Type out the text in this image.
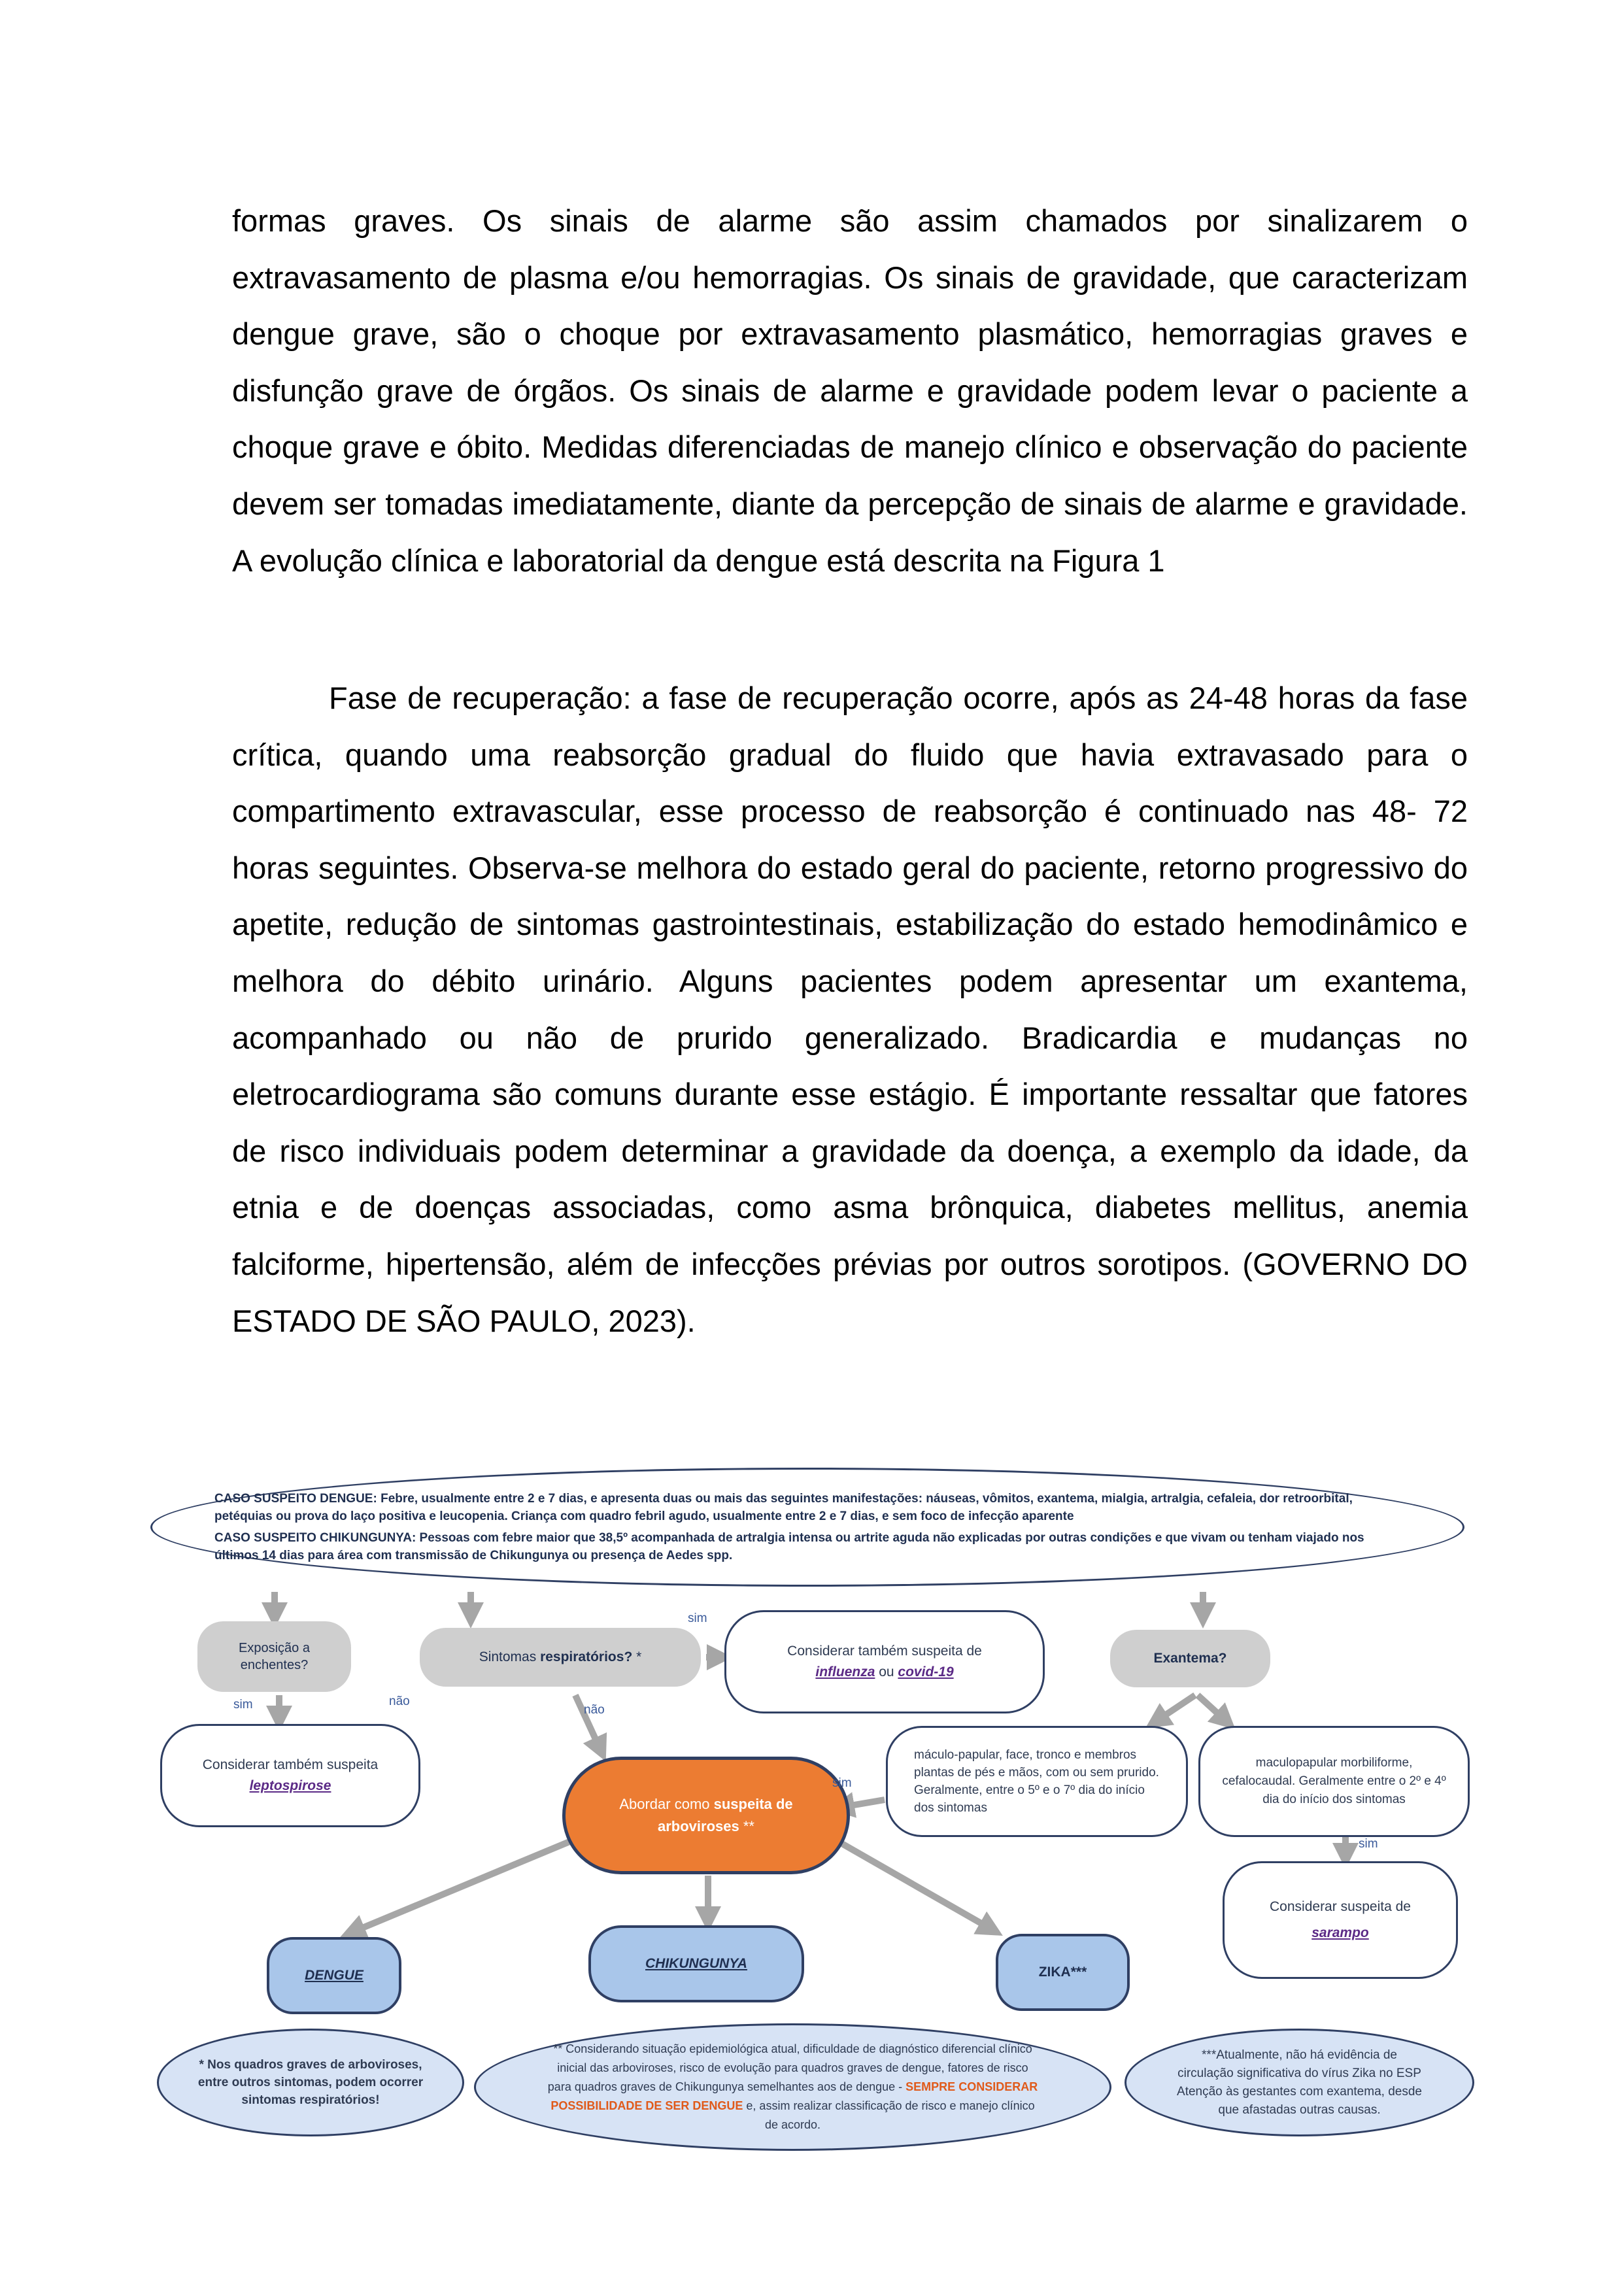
formas graves. Os sinais de alarme são assim chamados por sinalizarem o extravasamento de plasma e/ou hemorragias. Os sinais de gravidade, que caracterizam dengue grave, são o choque por extravasamento plasmático, hemorragias graves e disfunção grave de órgãos. Os sinais de alarme e gravidade podem levar o paciente a choque grave e óbito. Medidas diferenciadas de manejo clínico e observação do paciente devem ser tomadas imediatamente, diante da percepção de sinais de alarme e gravidade. A evolução clínica e laboratorial da dengue está descrita na Figura 1

Fase de recuperação: a fase de recuperação ocorre, após as 24-48 horas da fase crítica, quando uma reabsorção gradual do fluido que havia extravasado para o compartimento extravascular, esse processo de reabsorção é continuado nas 48- 72 horas seguintes. Observa-se melhora do estado geral do paciente, retorno progressivo do apetite, redução de sintomas gastrointestinais, estabilização do estado hemodinâmico e melhora do débito urinário. Alguns pacientes podem apresentar um exantema, acompanhado ou não de prurido generalizado. Bradicardia e mudanças no eletrocardiograma são comuns durante esse estágio. É importante ressaltar que fatores de risco individuais podem determinar a gravidade da doença, a exemplo da idade, da etnia e de doenças associadas, como asma brônquica, diabetes mellitus, anemia falciforme, hipertensão, além de infecções prévias por outros sorotipos. (GOVERNO DO ESTADO DE SÃO PAULO, 2023).

CASO SUSPEITO DENGUE: Febre, usualmente entre 2 e 7 dias, e apresenta duas ou mais das seguintes manifestações: náuseas, vômitos, exantema, mialgia, artralgia, cefaleia, dor retroorbital, petéquias ou prova do laço positiva e leucopenia. Criança com quadro febril agudo, usualmente entre 2 e 7 dias, e sem foco de infecção aparente
CASO SUSPEITO CHIKUNGUNYA: Pessoas com febre maior que 38,5º acompanhada de artralgia intensa ou artrite aguda não explicadas por outras condições e que vivam ou tenham viajado nos últimos 14 dias para área com transmissão de Chikungunya ou presença de Aedes spp.
Exposição a
enchentes?
Sintomas respiratórios? *	Considerar também suspeita de
influenza ou covid-19
Exantema?
Considerar também suspeita
leptospirose
Abordar como suspeita de arboviroses **
máculo-papular, face, tronco e membros plantas de pés e mãos, com ou sem prurido. Geralmente, entre o 5º e o 7º dia do início dos sintomas
maculopapular morbiliforme, cefalocaudal. Geralmente entre o 2º e 4º dia do início dos sintomas
Considerar suspeita de
sarampo
DENGUE
CHIKUNGUNYA
ZIKA***
* Nos quadros graves de arboviroses, entre outros sintomas, podem ocorrer sintomas respiratórios!
** Considerando situação epidemiológica atual, dificuldade de diagnóstico diferencial clínico inicial das arboviroses, risco de evolução para quadros graves de dengue, fatores de risco para quadros graves de Chikungunya semelhantes aos de dengue - SEMPRE CONSIDERAR POSSIBILIDADE DE SER DENGUE e, assim realizar classificação de risco e manejo clínico de acordo.
***Atualmente, não há evidência de circulação significativa do vírus Zika no ESP Atenção às gestantes com exantema, desde que afastadas outras causas.
sim
sim	não
não
sim
sim
